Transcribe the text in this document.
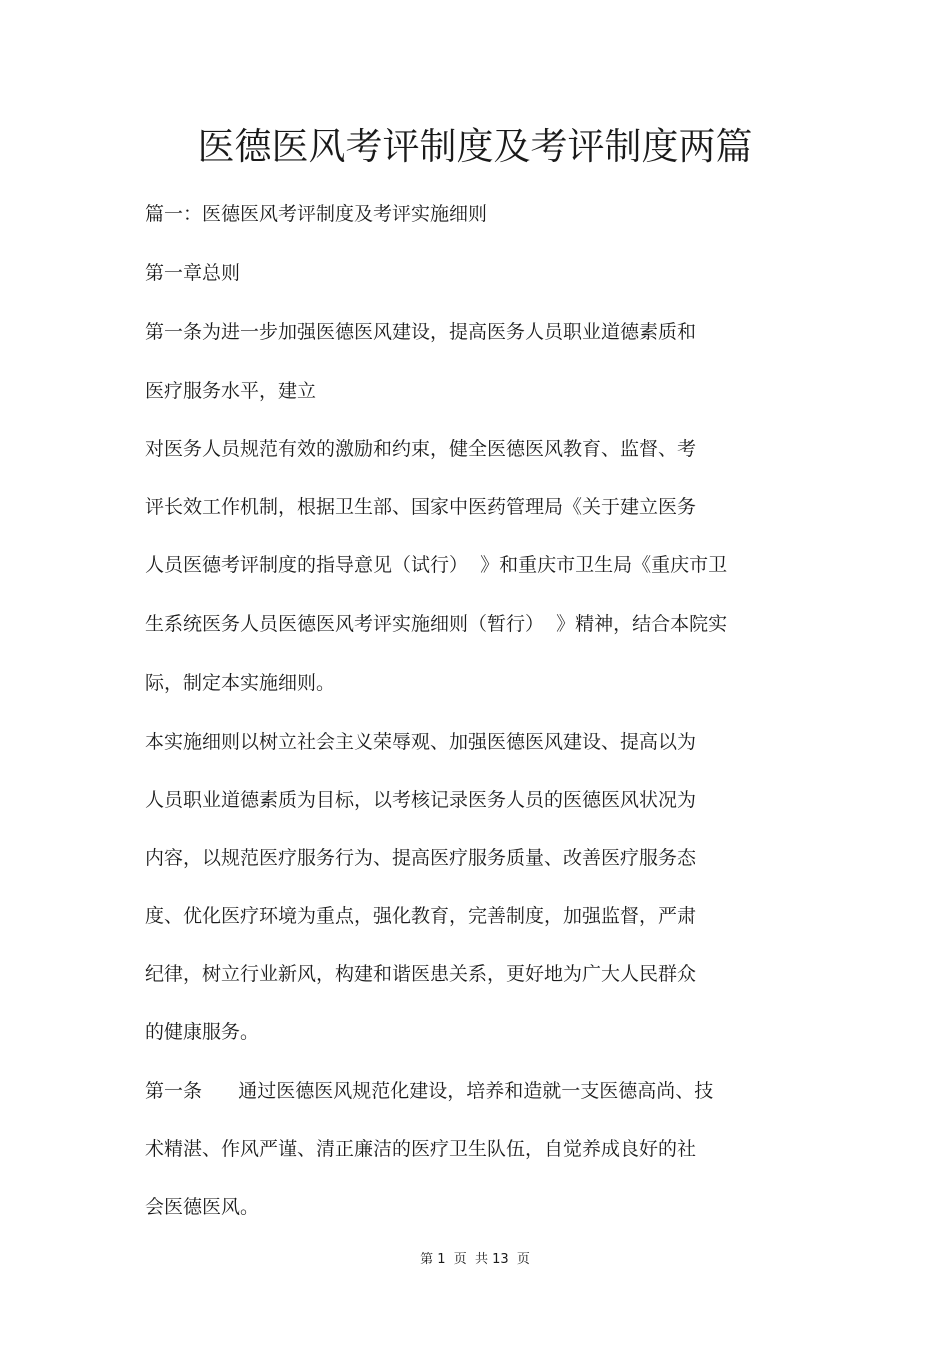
医德医风考评制度及考评制度两篇

篇一：医德医风考评制度及考评实施细则

第一章总则

第一条为进一步加强医德医风建设，提高医务人员职业道德素质和

医疗服务水平，建立

对医务人员规范有效的激励和约束，健全医德医风教育、监督、考

评长效工作机制，根据卫生部、国家中医药管理局《关于建立医务

人员医德考评制度的指导意见（试行）  》和重庆市卫生局《重庆市卫

生系统医务人员医德医风考评实施细则（暂行）  》精神，结合本院实

际，制定本实施细则。

本实施细则以树立社会主义荣辱观、加强医德医风建设、提高以为

人员职业道德素质为目标，以考核记录医务人员的医德医风状况为

内容，以规范医疗服务行为、提高医疗服务质量、改善医疗服务态

度、优化医疗环境为重点，强化教育，完善制度，加强监督，严肃

纪律，树立行业新风，构建和谐医患关系，更好地为广大人民群众

的健康服务。

第一条      通过医德医风规范化建设，培养和造就一支医德高尚、技

术精湛、作风严谨、清正廉洁的医疗卫生队伍，自觉养成良好的社

会医德医风。

第 1  页  共 13  页
